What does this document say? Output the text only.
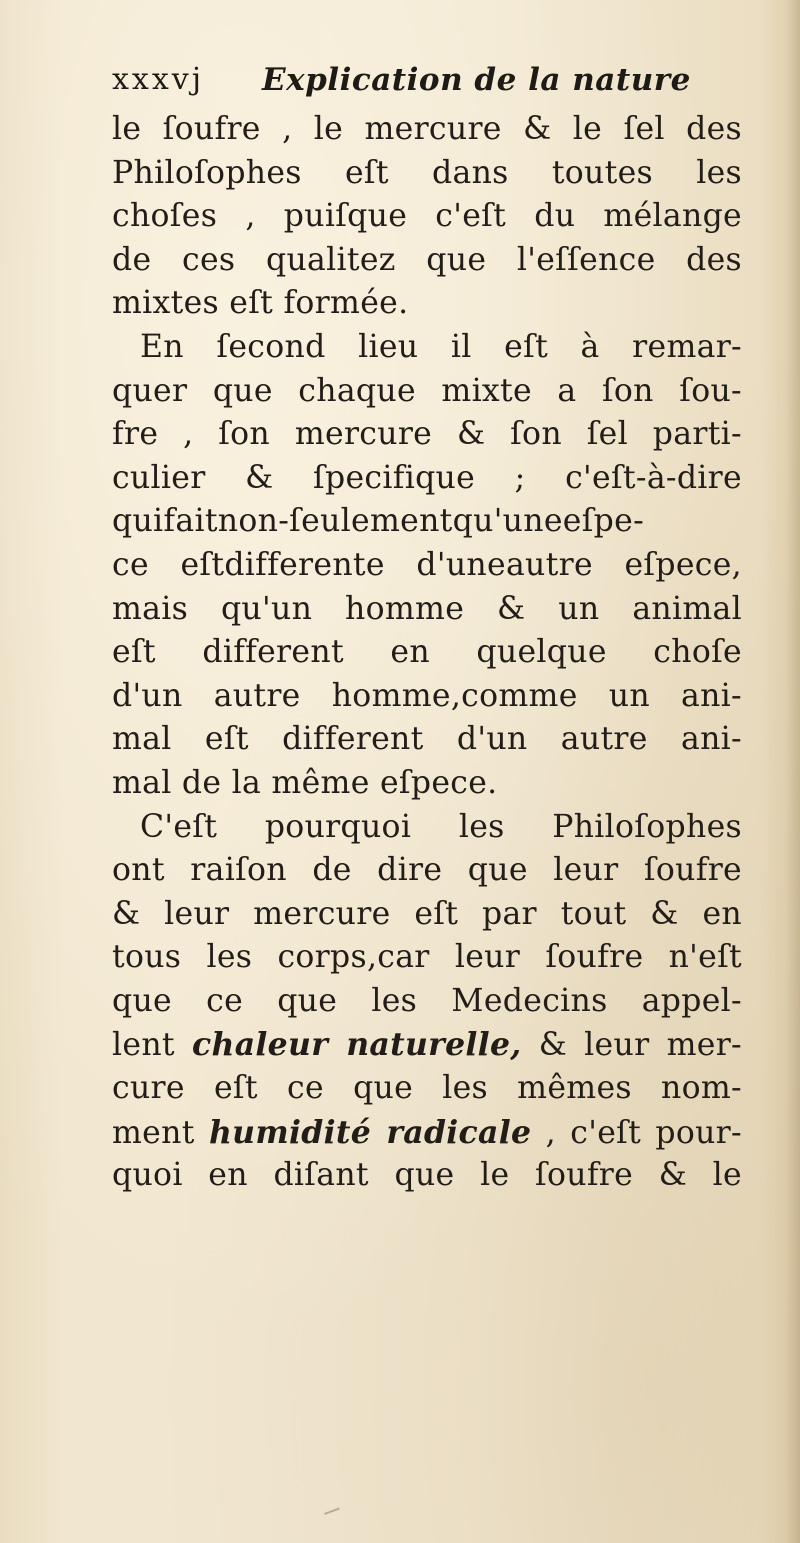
xxxvj Explication de la nature
le ſoufre , le mercure & le ſel des
Philoſophes eſt dans toutes les
choſes , puiſque c'eſt du mélange
de ces qualitez que l'eſſence des
mixtes eſt formée.
En ſecond lieu il eſt à remar-
quer que chaque mixte a ſon ſou-
fre , ſon mercure & ſon ſel parti-
culier & ſpecifique ; c'eſt-à-dire
quifaitnon-ſeulementqu'uneeſpe-
ce eſtdifferente d'uneautre eſpece,
mais qu'un homme & un animal
eſt different en quelque choſe
d'un autre homme,comme un ani-
mal eſt different d'un autre ani-
mal de la même eſpece.
C'eſt pourquoi les Philoſophes
ont raiſon de dire que leur ſoufre
& leur mercure eſt par tout & en
tous les corps,car leur ſoufre n'eſt
que ce que les Medecins appel-
lent chaleur naturelle, & leur mer-
cure eſt ce que les mêmes nom-
ment humidité radicale , c'eſt pour-
quoi en diſant que le ſoufre & le
